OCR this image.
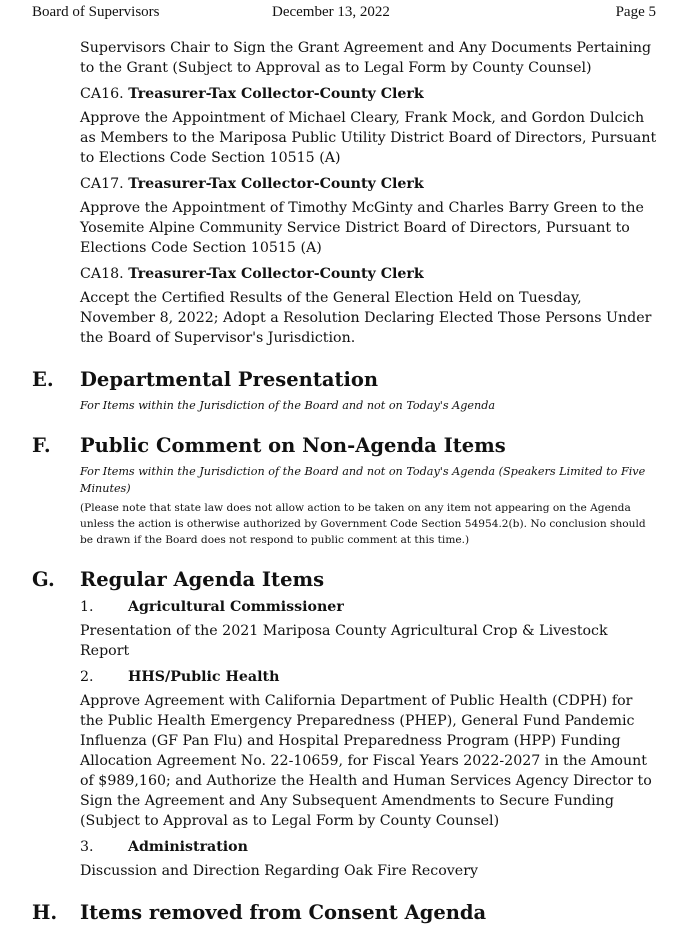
Board of Supervisors	December 13, 2022	Page 5
Supervisors Chair to Sign the Grant Agreement and Any Documents Pertaining to the Grant (Subject to Approval as to Legal Form by County Counsel)
CA16. Treasurer-Tax Collector-County Clerk
Approve the Appointment of Michael Cleary, Frank Mock, and Gordon Dulcich as Members to the Mariposa Public Utility District Board of Directors, Pursuant to Elections Code Section 10515 (A)
CA17. Treasurer-Tax Collector-County Clerk
Approve the Appointment of Timothy McGinty and Charles Barry Green to the Yosemite Alpine Community Service District Board of Directors, Pursuant to Elections Code Section 10515 (A)
CA18. Treasurer-Tax Collector-County Clerk
Accept the Certified Results of the General Election Held on Tuesday, November 8, 2022; Adopt a Resolution Declaring Elected Those Persons Under the Board of Supervisor's Jurisdiction.
E.	Departmental Presentation
For Items within the Jurisdiction of the Board and not on Today's Agenda
F.	Public Comment on Non-Agenda Items
For Items within the Jurisdiction of the Board and not on Today's Agenda (Speakers Limited to Five Minutes)
(Please note that state law does not allow action to be taken on any item not appearing on the Agenda unless the action is otherwise authorized by Government Code Section 54954.2(b). No conclusion should be drawn if the Board does not respond to public comment at this time.)
G.	Regular Agenda Items
1.	Agricultural Commissioner
Presentation of the 2021 Mariposa County Agricultural Crop & Livestock Report
2.	HHS/Public Health
Approve Agreement with California Department of Public Health (CDPH) for the Public Health Emergency Preparedness (PHEP), General Fund Pandemic Influenza (GF Pan Flu) and Hospital Preparedness Program (HPP) Funding Allocation Agreement No. 22-10659, for Fiscal Years 2022-2027 in the Amount of $989,160; and Authorize the Health and Human Services Agency Director to Sign the Agreement and Any Subsequent Amendments to Secure Funding (Subject to Approval as to Legal Form by County Counsel)
3.	Administration
Discussion and Direction Regarding Oak Fire Recovery
H.	Items removed from Consent Agenda
